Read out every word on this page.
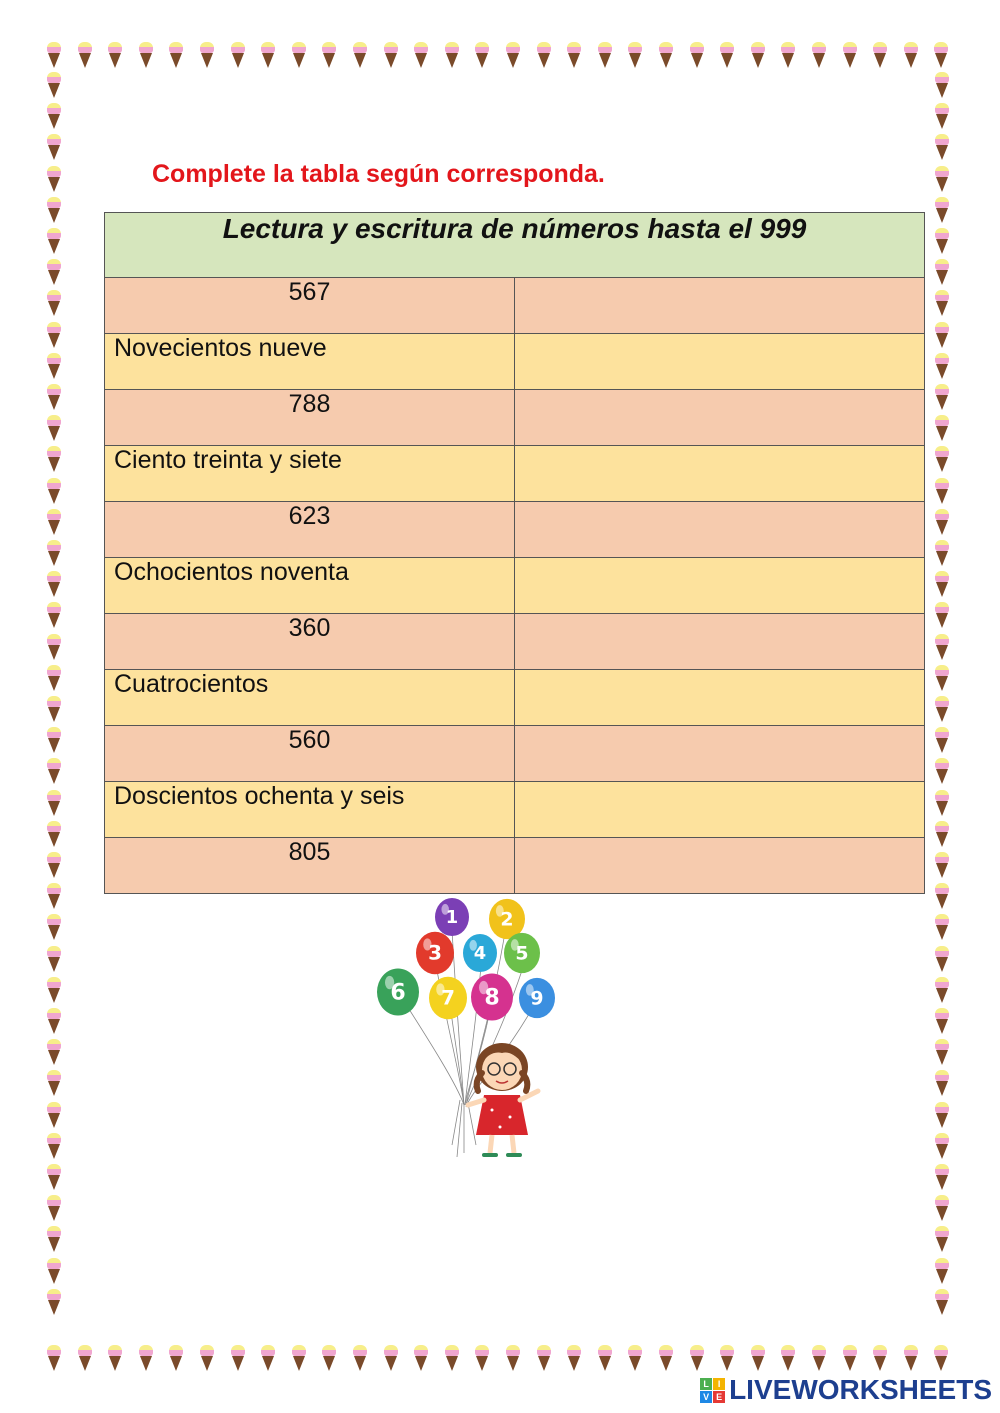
Complete la tabla según corresponda.
Lectura y escritura de números hasta el 999	
567	
Novecientos nueve	
788	
Ciento treinta y siete	
623	
Ochocientos noventa	
360	
Cuatrocientos	
560	
Doscientos ochenta y seis	
805	
1 2
3 4 5
6 7 8 9
L I
V E LIVEWORKSHEETS
